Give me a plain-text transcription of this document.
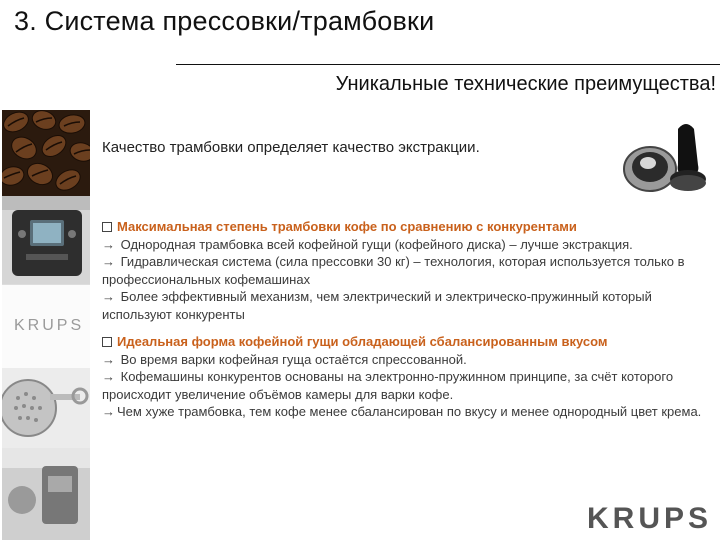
3. Система прессовки/трамбовки
Уникальные технические преимущества!
KRUPS
Качество трамбовки определяет качество экстракции.
Максимальная степень трамбовки кофе по сравнению с конкурентами
→ Однородная трамбовка всей кофейной гущи (кофейного диска) – лучше экстракция.
→ Гидравлическая система (сила прессовки 30 кг) – технология, которая используется только в профессиональных кофемашинах
→ Более эффективный механизм, чем электрический и электрическо-пружинный который используют конкуренты
Идеальная форма кофейной гущи обладающей сбалансированным вкусом
→ Во время варки кофейная гуща остаётся спрессованной.
→ Кофемашины конкурентов основаны на электронно-пружинном принципе, за счёт которого происходит увеличение объёмов камеры для варки кофе.
→ Чем хуже трамбовка, тем кофе менее сбалансирован по вкусу и менее однородный цвет крема.
KRUPS
